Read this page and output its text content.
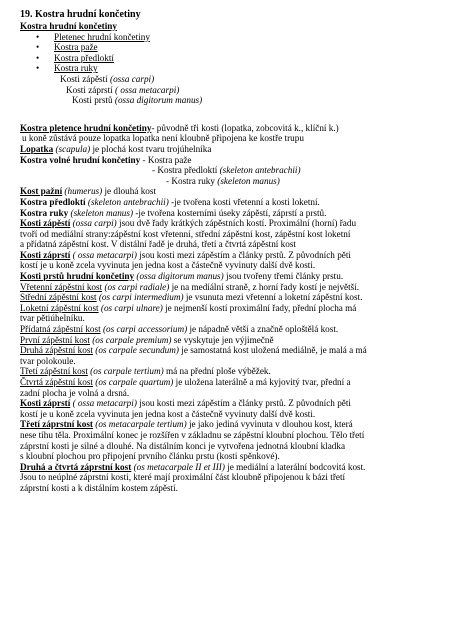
19. Kostra hrudní končetiny
Kostra hrudní končetiny
• Pletenec hrudní končetiny
• Kostra paže
• Kostra předloktí
• Kostra ruky
Kosti zápěstí (ossa carpi)
Kosti záprstí ( ossa metacarpi)
Kosti prstů (ossa digitorum manus)
Kostra pletence hrudní končetiny- původně tři kosti (lopatka, zobcovitá k., klíční k.)
u koně zůstává pouze lopatka lopatka není kloubně připojena ke kostře trupu
Lopatka (scapula) je plochá kost tvaru trojúhelníka
Kostra volné hrudní končetiny - Kostra paže
- Kostra předloktí (skeleton antebrachii)
- Kostra ruky (skeleton manus)
Kost pažní (humerus) je dlouhá kost
Kostra předloktí (skeleton antebrachii) -je tvořena kosti vřetenní a kosti loketní.
Kostra ruky (skeleton manus) -je tvořena kosterními úseky zápěstí, záprstí a prstů.
Kosti zápěstí (ossa carpi) jsou dvě řady krátkých zápěstních kostí. Proximální (horní) řadu
tvoří od mediální strany:zápěstní kost vřetenní, střední zápěstní kost, zápěstní kost loketní
a přídatná zápěstní kost. V distální řadě je druhá, třetí a čtvrtá zápěstní kost
Kosti záprstí ( ossa metacarpi) jsou kosti mezi zápěstím a články prstů. Z původních pěti
kostí je u koně zcela vyvinuta jen jedna kost a částečně vyvinuty další dvě kosti.
Kosti prstů hrudní končetiny (ossa digitorum manus) jsou tvořeny třemi články prstu.
Vřetenní zápěstní kost (os carpi radiale) je na mediální straně, z horní řady kostí je největší.
Střední zápěstní kost (os carpi intermedium) je vsunuta mezi vřetenní a loketní zápěstní kost.
Loketní zápěstní kost (os carpi ulnare) je nejmenší kostí proximální řady, přední plocha má
tvar pětiúhelníku.
Přídatná zápěstní kost (os carpi accessorium) je nápadně větší a značně oploštělá kost.
První zápěstní kost (os carpale premium) se vyskytuje jen výjimečně
Druhá zápěstní kost (os carpale secundum) je samostatná kost uložená mediálně, je malá a má
tvar polokoule.
Třetí zápěstní kost (os carpale tertium) má na přední ploše výběžek.
Čtvrtá zápěstní kost (os carpale quartum) je uložena laterálně a má kyjovitý tvar, přední a
zadní plocha je volná a drsná.
Kosti záprstí ( ossa metacarpi) jsou kosti mezi zápěstím a články prstů. Z původních pěti
kostí je u koně zcela vyvinuta jen jedna kost a částečně vyvinuty další dvě kosti.
Třetí záprstní kost (os metacarpale tertium) je jako jediná vyvinuta v dlouhou kost, která
nese tíhu těla. Proximální konec je rozšířen v základnu se zápěstní kloubní plochou. Tělo třetí
záprstní kosti je silné a dlouhé. Na distálním konci je vytvořena jednotná kloubní kladka
s kloubní plochou pro připojení prvního článku prstu (kosti spěnkové).
Druhá a čtvrtá záprstní kost (os metacarpale II et III) je mediální a laterální bodcovitá kost.
Jsou to neúplné záprstní kosti, které mají proximální část kloubně připojenou k bázi třetí
záprstní kosti a k distálním kostem zápěstí.
